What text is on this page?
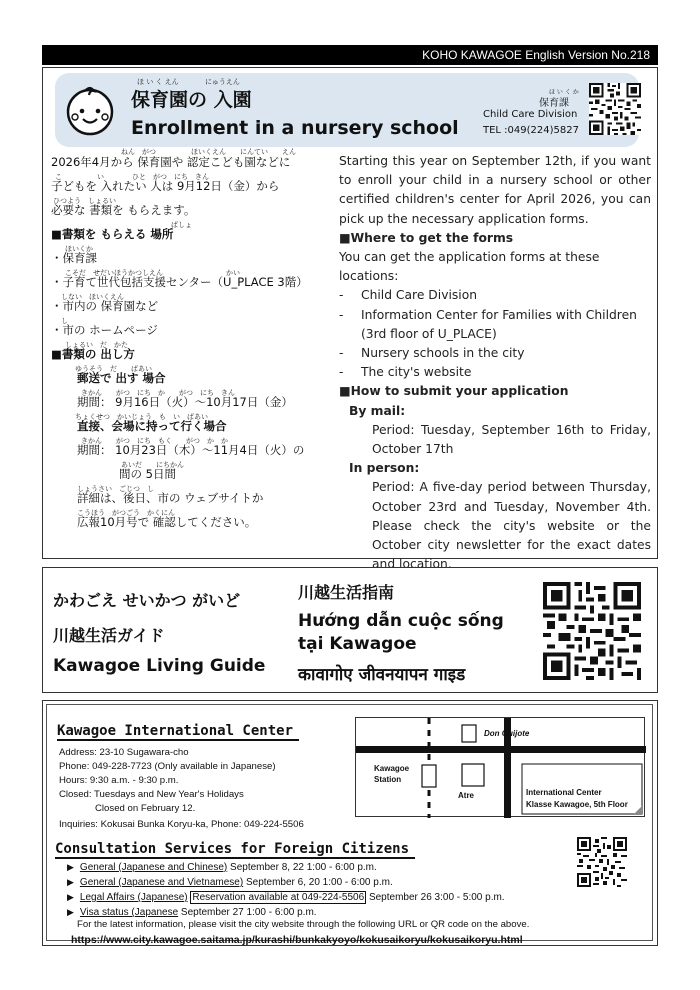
KOHO KAWAGOE English Version No.218
ほ い く えん	にゅうえん
保育園の 入園
Enrollment in a nursery school
ほ い く か
保育課
Child Care Division
TEL :049(224)5827
ねん　がつ	ほいくえん　　にんてい　　えん
2026年4月から 保育園や 認定こども園などに
こ　　　　　い　　　　ひと　がつ　にち　きん
子どもを 入れたい 人は 9月12日（金）から
ひつよう　しょるい
必要な 書類を もらえます。
ばしょ
■書類を もらえる 場所
ほいくか
・保育課
こそだ　せだいほうかつしえん　　　　　　　　　かい
・子育て世代包括支援センター（U_PLACE 3階）
しない　ほいくえん
・市内の 保育園など
し
・市の ホームページ
しょるい　だ　かた
■書類の 出し方
ゆうそう　だ　　ばあい
郵送で 出す 場合
きかん　　がつ　にち　か　　がつ　にち　きん
期間： 9月16日（火）～10月17日（金）
ちょくせつ　かいじょう　も　い　ばあい
直接、会場に持って行く場合
きかん　　がつ　にち　もく　　がつ　か　か
期間： 10月23日（木）～11月4日（火）の
あいだ　　にちかん
間の 5日間
しょうさい　ごじつ　し
詳細は、後日、市の ウェブサイトか
こうほう　がつごう　かくにん
広報10月号で 確認してください。

Starting this year on September 12th, if you want to enroll your child in a nursery school or other certified children's center for April 2026, you can pick up the necessary application forms.

■Where to get the forms

You can get the application forms at these locations:

- Child Care Division
- Information Center for Families with Children (3rd floor of U_PLACE)
- Nursery schools in the city
- The city's website

■How to submit your application

By mail:

Period: Tuesday, September 16th to Friday, October 17th

In person:

Period: A five-day period between Thursday, October 23rd and Tuesday, November 4th. Please check the city's website or the October city newsletter for the exact dates and location.

かわごえ せいかつ がいど
川越生活ガイド
Kawagoe Living Guide
川越生活指南
Hướng dẫn cuộc sống
tại Kawagoe
कावागोए जीवनयापन गाइड
Kawagoe International Center
Address: 23-10 Sugawara-cho
Phone: 049-228-7723 (Only available in Japanese)
Hours: 9:30 a.m. - 9:30 p.m.
Closed: Tuesdays and New Year's Holidays
Closed on February 12.
Inquiries: Kokusai Bunka Koryu-ka, Phone: 049-224-5506
Don Quijote
Kawagoe
Station
Atre	International Center
Klasse Kawagoe, 5th Floor
Consultation Services for Foreign Citizens
▶ General (Japanese and Chinese) September 8, 22 1:00 - 6:00 p.m.
▶ General (Japanese and Vietnamese) September 6, 20 1:00 - 6:00 p.m.
▶ Legal Affairs (Japanese) Reservation available at 049-224-5506 September 26 3:00 - 5:00 p.m.
▶ Visa status (Japanese September 27 1:00 - 6:00 p.m.
For the latest information, please visit the city website through the following URL or QR code on the above.
https://www.city.kawagoe.saitama.jp/kurashi/bunkakyoyo/kokusaikoryu/kokusaikoryu.html
